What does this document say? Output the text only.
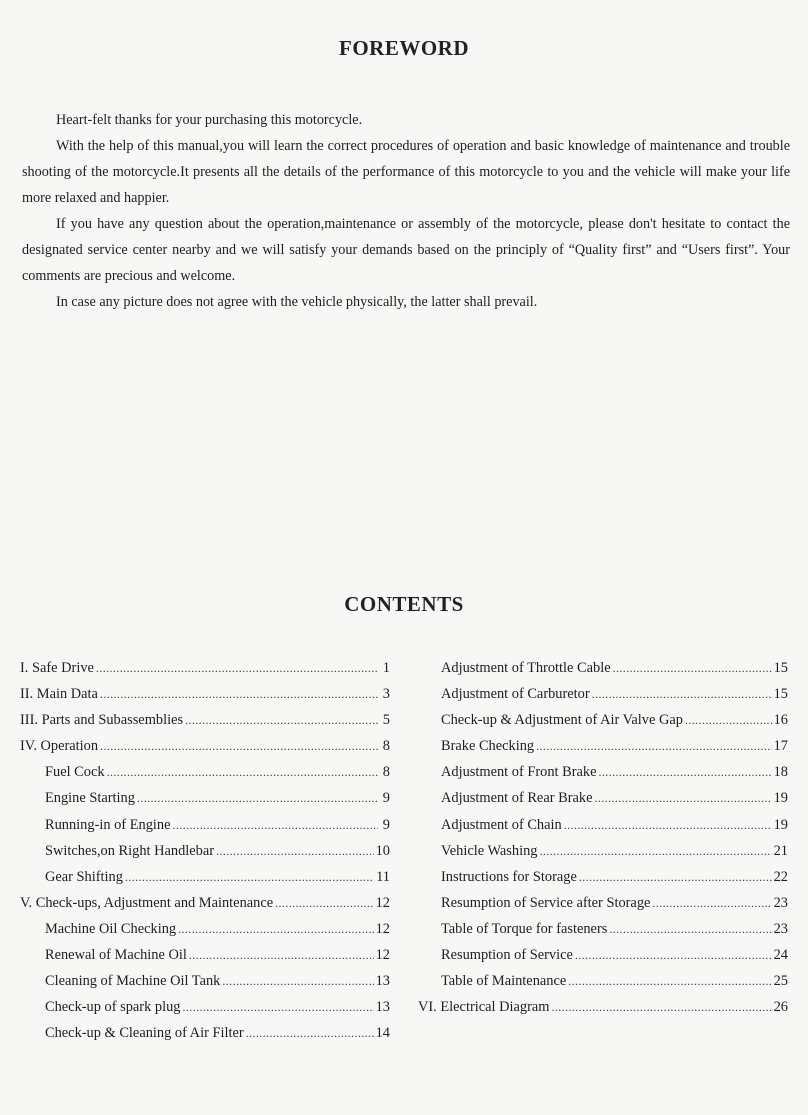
FOREWORD
Heart-felt thanks for your purchasing this motorcycle.
With the help of this manual,you will learn the correct procedures of operation and basic knowledge of maintenance and trouble shooting of the motorcycle.It presents all the details of the performance of this motorcycle to you and the vehicle will make your life more relaxed and happier.
If you have any question about the operation,maintenance or assembly of the motorcycle, please don't hesitate to contact the designated service center nearby and we will satisfy your demands based on the principly of “Quality first” and “Users first”. Your comments are precious and welcome.
In case any picture does not agree with the vehicle physically, the latter shall prevail.
CONTENTS
I. Safe Drive .....	1
II. Main Data .....	3
III. Parts and Subassemblies .....	5
IV. Operation .....	8
Fuel Cock .....	8
Engine Starting .....	9
Running-in of Engine .....	9
Switches,on Right Handlebar .....	10
Gear Shifting .....	11
V. Check-ups, Adjustment and Maintenance .....	12
Machine Oil Checking .....	12
Renewal of Machine Oil .....	12
Cleaning of Machine Oil Tank .....	13
Check-up of spark plug .....	13
Check-up & Cleaning of Air Filter .....	14
Adjustment of Throttle Cable .....	15
Adjustment of Carburetor .....	15
Check-up & Adjustment of Air Valve Gap .....	16
Brake Checking .....	17
Adjustment of Front Brake .....	18
Adjustment of Rear Brake .....	19
Adjustment of Chain .....	19
Vehicle Washing .....	21
Instructions for Storage .....	22
Resumption of Service after Storage .....	23
Table of Torque for fasteners .....	23
Resumption of Service .....	24
Table of Maintenance .....	25
VI. Electrical Diagram .....	26
